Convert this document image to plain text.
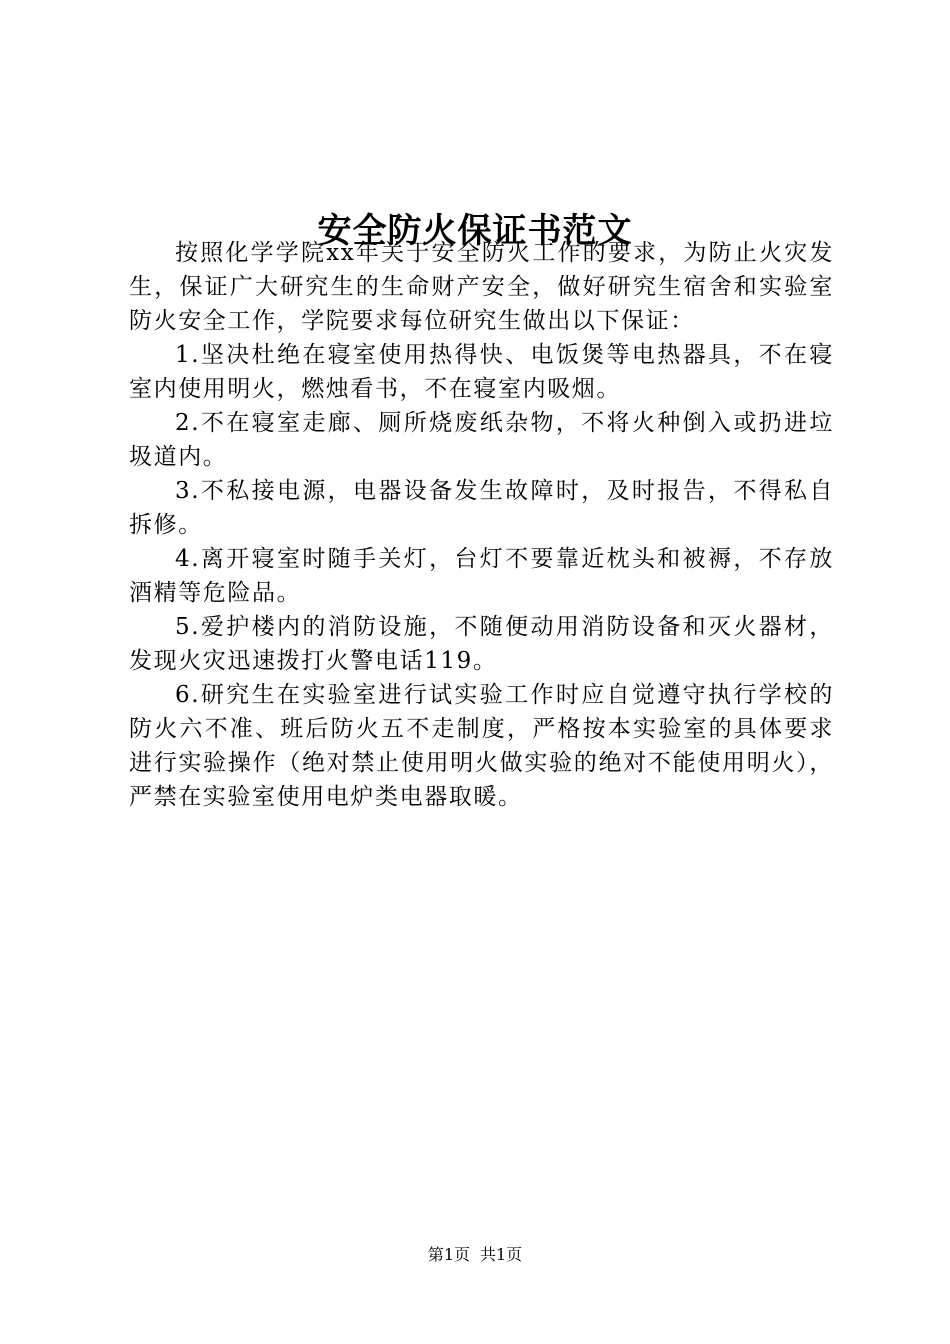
安全防火保证书范文

按照化学学院xx年关于安全防火工作的要求，为防止火灾发生，保证广大研究生的生命财产安全，做好研究生宿舍和实验室防火安全工作，学院要求每位研究生做出以下保证：

1.坚决杜绝在寝室使用热得快、电饭煲等电热器具，不在寝室内使用明火，燃烛看书，不在寝室内吸烟。

2.不在寝室走廊、厕所烧废纸杂物，不将火种倒入或扔进垃圾道内。

3.不私接电源，电器设备发生故障时，及时报告，不得私自拆修。

4.离开寝室时随手关灯，台灯不要靠近枕头和被褥，不存放酒精等危险品。

5.爱护楼内的消防设施，不随便动用消防设备和灭火器材，发现火灾迅速拨打火警电话119。

6.研究生在实验室进行试实验工作时应自觉遵守执行学校的防火六不准、班后防火五不走制度，严格按本实验室的具体要求进行实验操作（绝对禁止使用明火做实验的绝对不能使用明火），严禁在实验室使用电炉类电器取暖。

第1页 共1页
